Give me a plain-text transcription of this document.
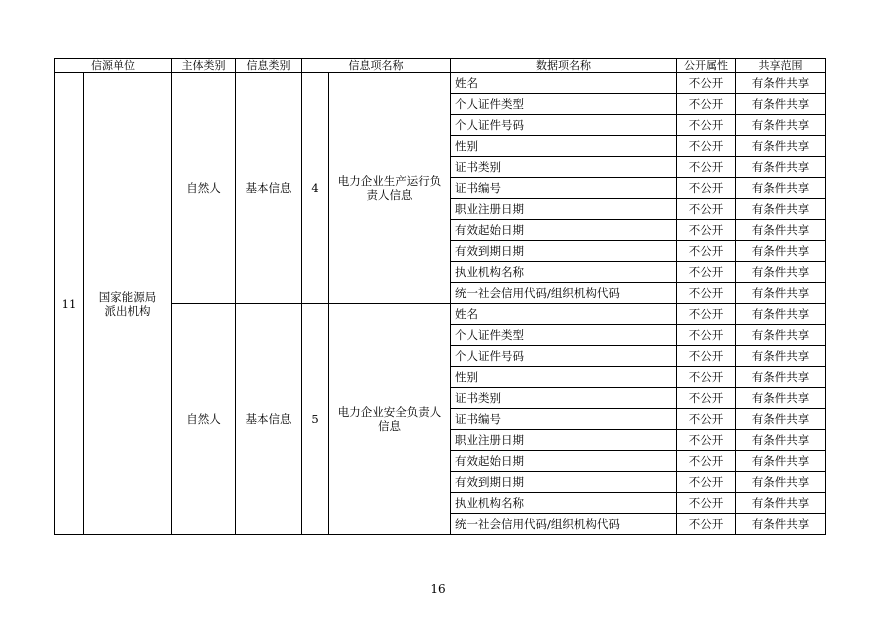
信源单位		主体类别	信息类别	信息项名称		数据项名称	公开属性	共享范围
11	国家能源局派出机构	自然人	基本信息	4	电力企业生产运行负责人信息	姓名	不公开	有条件共享
						个人证件类型	不公开	有条件共享
						个人证件号码	不公开	有条件共享
						性别	不公开	有条件共享
						证书类别	不公开	有条件共享
						证书编号	不公开	有条件共享
						职业注册日期	不公开	有条件共享
						有效起始日期	不公开	有条件共享
						有效到期日期	不公开	有条件共享
						执业机构名称	不公开	有条件共享
						统一社会信用代码/组织机构代码	不公开	有条件共享
		自然人	基本信息	5	电力企业安全负责人信息	姓名	不公开	有条件共享
						个人证件类型	不公开	有条件共享
						个人证件号码	不公开	有条件共享
						性别	不公开	有条件共享
						证书类别	不公开	有条件共享
						证书编号	不公开	有条件共享
						职业注册日期	不公开	有条件共享
						有效起始日期	不公开	有条件共享
						有效到期日期	不公开	有条件共享
						执业机构名称	不公开	有条件共享
						统一社会信用代码/组织机构代码	不公开	有条件共享
16
